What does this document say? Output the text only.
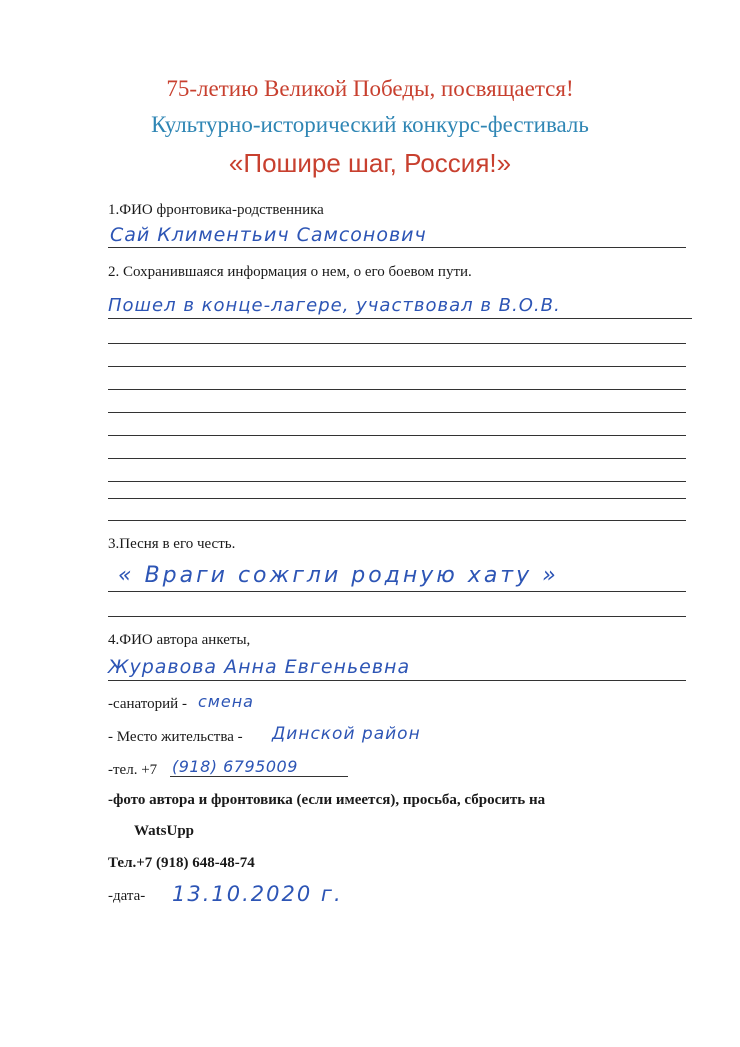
75-летию Великой Победы, посвящается!
Культурно-исторический конкурс-фестиваль
«Пошире шаг, Россия!»
1.ФИО фронтовика-родственника
Сай Климентьич Самсонович
2. Сохранившаяся информация о нем, о его боевом пути.
Пошел в конце-лагере, участвовал в В.О.В.
3.Песня в его честь.
« Враги сожгли родную хату »
4.ФИО автора анкеты,
Журавова Анна Евгеньевна
-санаторий - смена
- Место жительства - Динской район
-тел. +7 (918) 6795009
-фото автора и фронтовика (если имеется), просьба, сбросить на
WatsUpp
Тел.+7 (918) 648-48-74
-дата- 13.10.2020 г.
